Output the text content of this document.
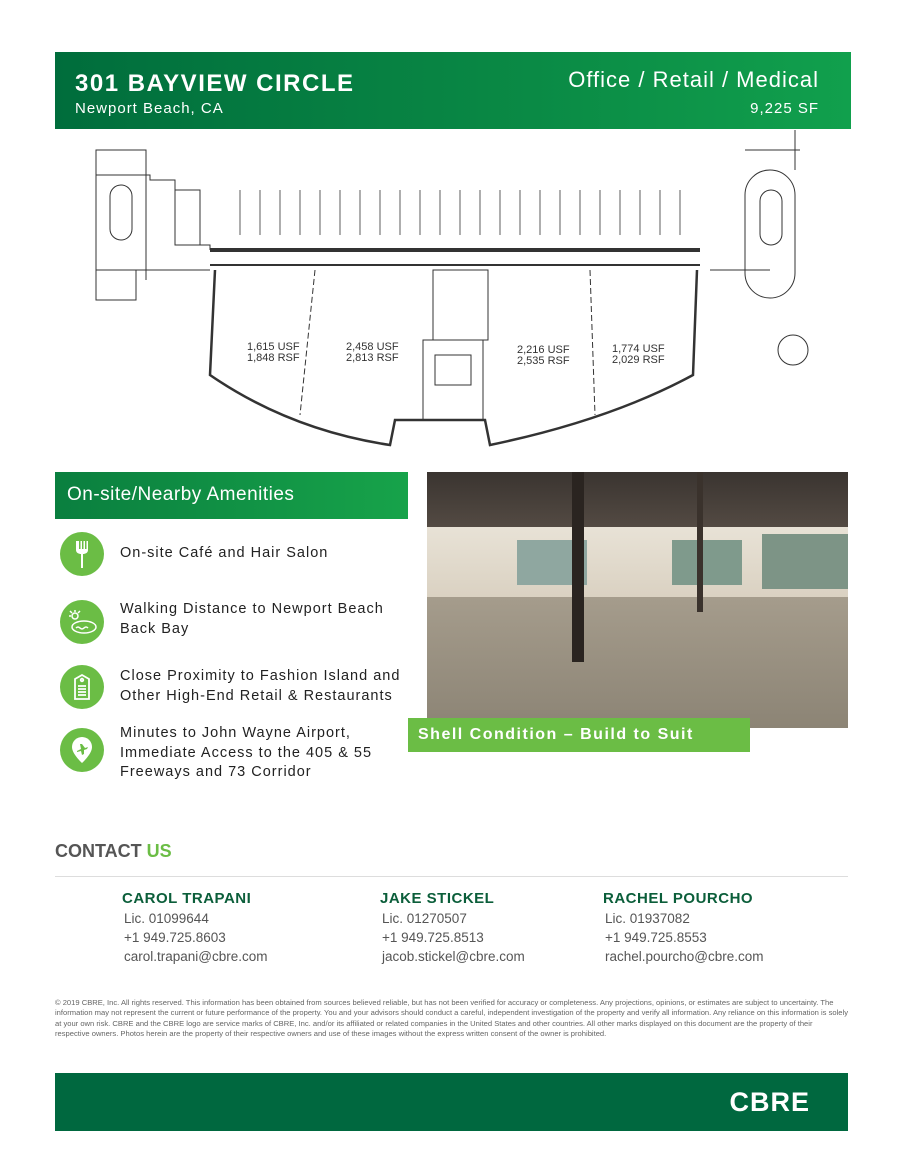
301 BAYVIEW CIRCLE
Newport Beach, CA
Office / Retail / Medical
9,225 SF
1,615 USF
1,848 RSF
2,458 USF
2,813 RSF
2,216 USF
2,535 RSF
1,774 USF
2,029 RSF
On-site/Nearby Amenities
On-site Café and Hair Salon
Walking Distance to Newport Beach
Back Bay
Close Proximity to Fashion Island and
Other High-End Retail & Restaurants
Minutes to John Wayne Airport,
Immediate Access to the 405 & 55
Freeways and 73 Corridor
Shell Condition – Build to Suit
CONTACT US
CAROL TRAPANI
Lic. 01099644
+1 949.725.8603
carol.trapani@cbre.com
JAKE STICKEL
Lic. 01270507
+1 949.725.8513
jacob.stickel@cbre.com
RACHEL POURCHO
Lic. 01937082
+1 949.725.8553
rachel.pourcho@cbre.com
© 2019 CBRE, Inc. All rights reserved. This information has been obtained from sources believed reliable, but has not been verified for accuracy or completeness. Any projections, opinions, or estimates are subject to uncertainty. The information may not represent the current or future performance of the property. You and your advisors should conduct a careful, independent investigation of the property and verify all information. Any reliance on this information is solely at your own risk. CBRE and the CBRE logo are service marks of CBRE, Inc. and/or its affiliated or related companies in the United States and other countries. All other marks displayed on this document are the property of their respective owners. Photos herein are the property of their respective owners and use of these images without the express written consent of the owner is prohibited.
CBRE
